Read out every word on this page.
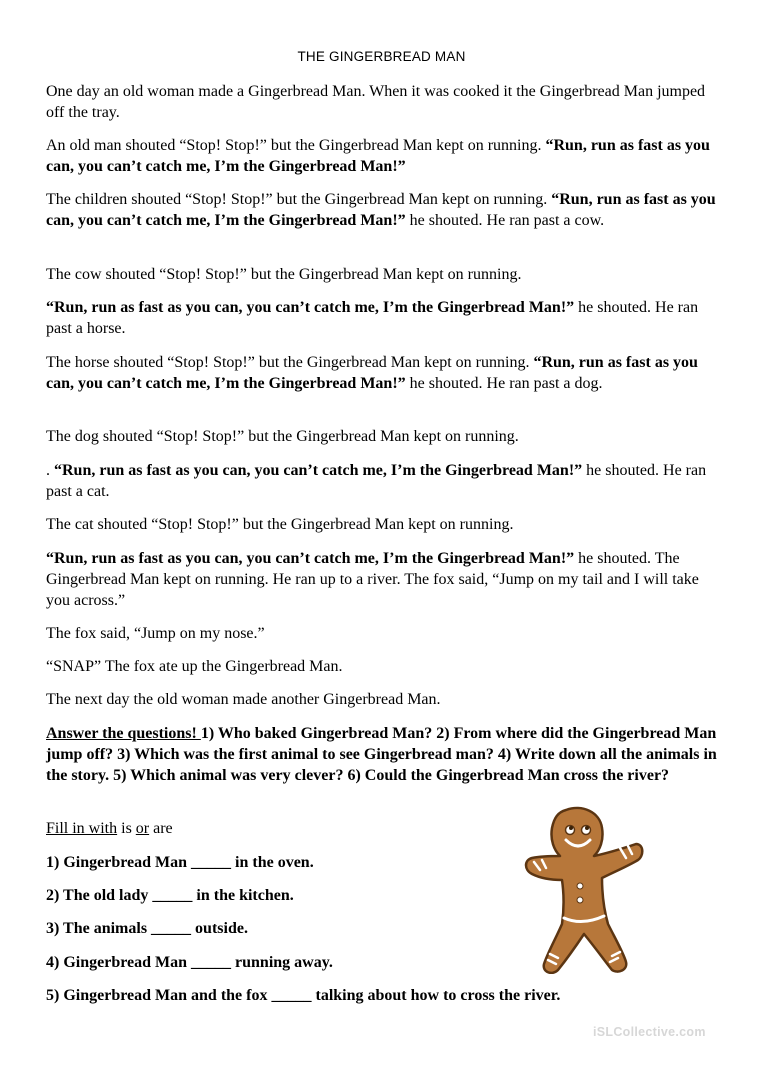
THE GINGERBREAD MAN

One day an old woman made a Gingerbread Man. When it was cooked it the Gingerbread Man jumped off the tray.

An old man shouted “Stop! Stop!” but the Gingerbread Man kept on running. “Run, run as fast as you can, you can’t catch me, I’m the Gingerbread Man!”

The children shouted “Stop! Stop!” but the Gingerbread Man kept on running. “Run, run as fast as you can, you can’t catch me, I’m the Gingerbread Man!” he shouted. He ran past a cow.

The cow shouted “Stop! Stop!” but the Gingerbread Man kept on running.

“Run, run as fast as you can, you can’t catch me, I’m the Gingerbread Man!” he shouted. He ran past a horse.

The horse shouted “Stop! Stop!” but the Gingerbread Man kept on running. “Run, run as fast as you can, you can’t catch me, I’m the Gingerbread Man!” he shouted. He ran past a dog.

The dog shouted “Stop! Stop!” but the Gingerbread Man kept on running.

. “Run, run as fast as you can, you can’t catch me, I’m the Gingerbread Man!” he shouted. He ran past a cat.

The cat shouted “Stop! Stop!” but the Gingerbread Man kept on running.

“Run, run as fast as you can, you can’t catch me, I’m the Gingerbread Man!” he shouted. The Gingerbread Man kept on running. He ran up to a river. The fox said, “Jump on my tail and I will take you across.”

The fox said, “Jump on my nose.”

“SNAP” The fox ate up the Gingerbread Man.

The next day the old woman made another Gingerbread Man.

Answer the questions! 1) Who baked Gingerbread Man? 2) From where did the Gingerbread Man jump off? 3) Which was the first animal to see Gingerbread man? 4) Write down all the animals in the story. 5) Which animal was very clever? 6) Could the Gingerbread Man cross the river?

Fill in with is or are

1) Gingerbread Man _____ in the oven.
2) The old lady _____ in the kitchen.
3) The animals _____ outside.
4) Gingerbread Man _____ running away.
5) Gingerbread Man and the fox _____ talking about how to cross the river.
iSLCollective.com
